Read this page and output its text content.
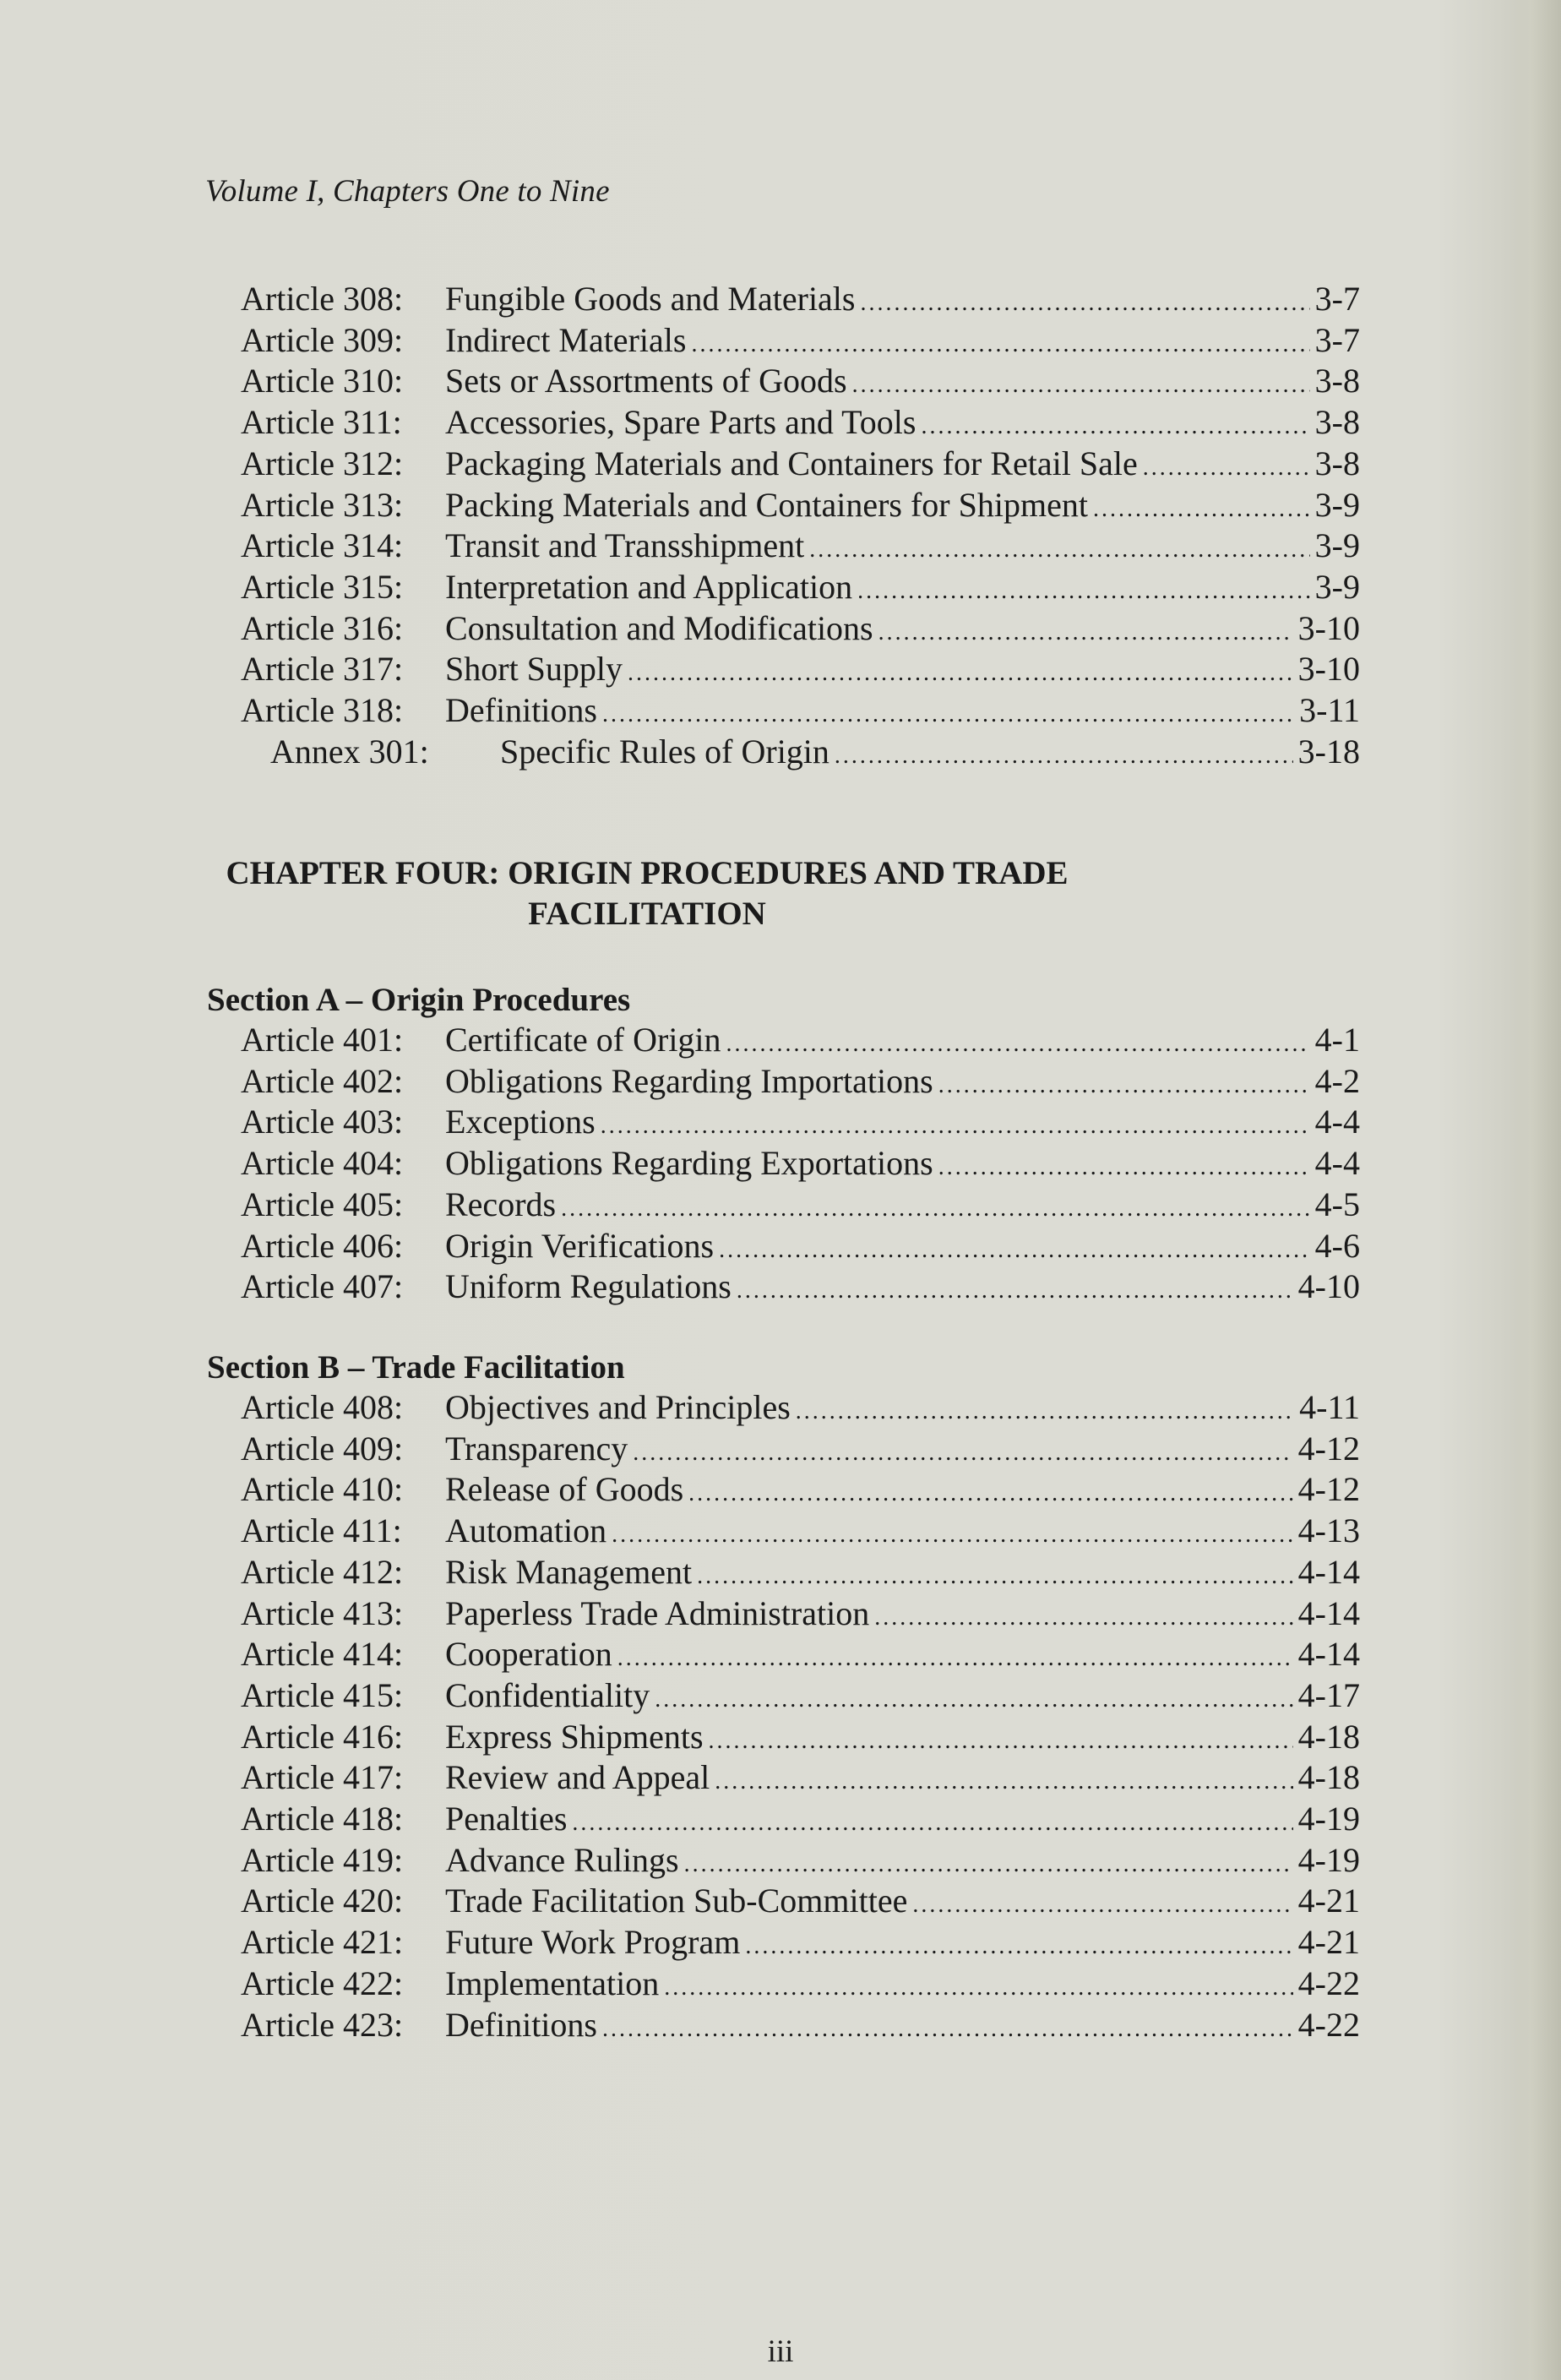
Volume I, Chapters One to Nine
Article 308: Fungible Goods and Materials .....	3-7
Article 309: Indirect Materials .....	3-7
Article 310: Sets or Assortments of Goods .....	3-8
Article 311: Accessories, Spare Parts and Tools .....	3-8
Article 312: Packaging Materials and Containers for Retail Sale .....	3-8
Article 313: Packing Materials and Containers for Shipment .....	3-9
Article 314: Transit and Transshipment .....	3-9
Article 315: Interpretation and Application .....	3-9
Article 316: Consultation and Modifications .....	3-10
Article 317: Short Supply .....	3-10
Article 318: Definitions .....	3-11
Annex 301: Specific Rules of Origin .....	3-18
CHAPTER FOUR: ORIGIN PROCEDURES AND TRADE
FACILITATION
Section A – Origin Procedures
Article 401: Certificate of Origin .....	4-1
Article 402: Obligations Regarding Importations .....	4-2
Article 403: Exceptions .....	4-4
Article 404: Obligations Regarding Exportations .....	4-4
Article 405: Records .....	4-5
Article 406: Origin Verifications .....	4-6
Article 407: Uniform Regulations .....	4-10
Section B – Trade Facilitation
Article 408: Objectives and Principles .....	4-11
Article 409: Transparency .....	4-12
Article 410: Release of Goods .....	4-12
Article 411: Automation .....	4-13
Article 412: Risk Management .....	4-14
Article 413: Paperless Trade Administration .....	4-14
Article 414: Cooperation .....	4-14
Article 415: Confidentiality .....	4-17
Article 416: Express Shipments .....	4-18
Article 417: Review and Appeal .....	4-18
Article 418: Penalties .....	4-19
Article 419: Advance Rulings .....	4-19
Article 420: Trade Facilitation Sub-Committee .....	4-21
Article 421: Future Work Program .....	4-21
Article 422: Implementation .....	4-22
Article 423: Definitions .....	4-22
iii
